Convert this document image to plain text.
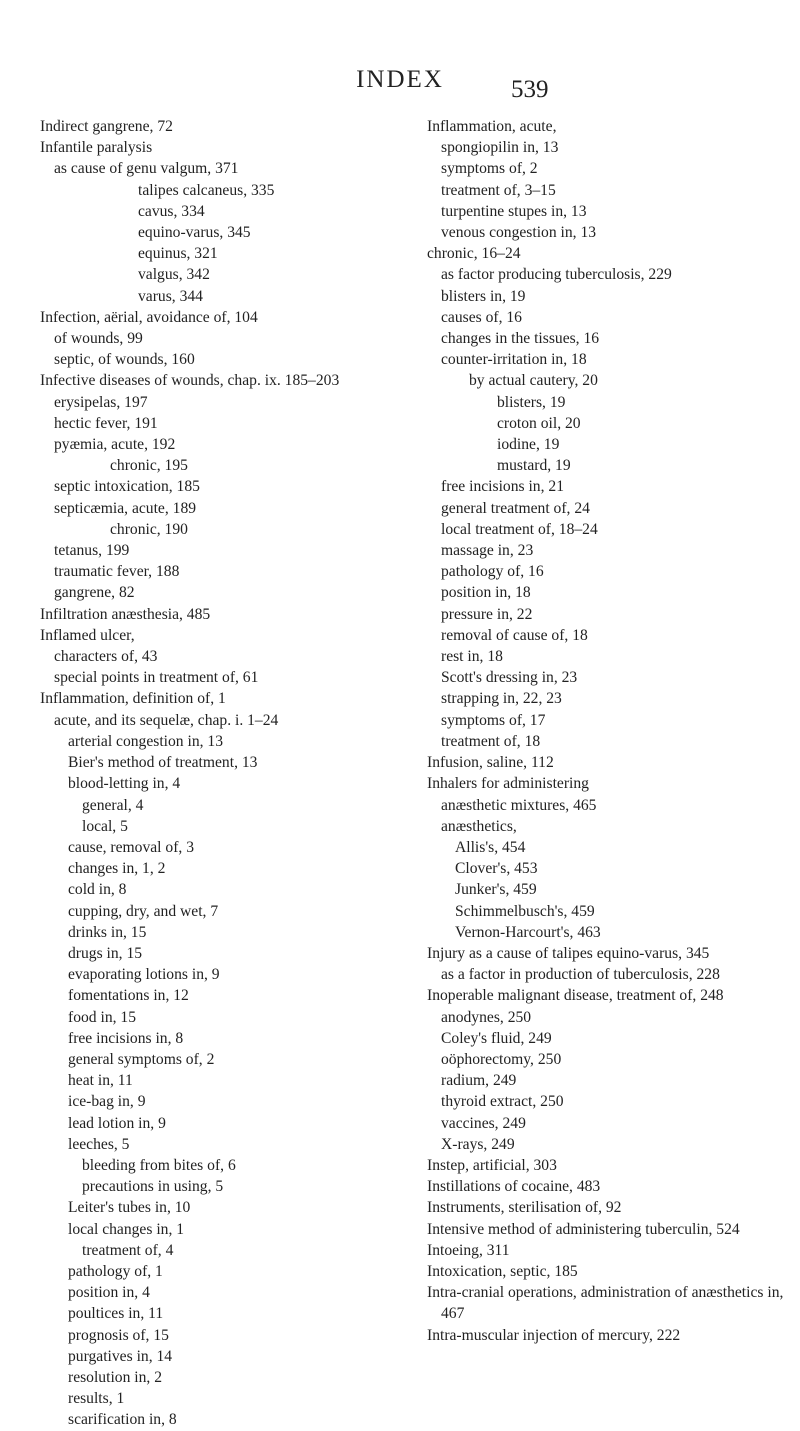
INDEX	539
Indirect gangrene, 72
Infantile paralysis
as cause of genu valgum, 371
talipes calcaneus, 335
cavus, 334
equino-varus, 345
equinus, 321
valgus, 342
varus, 344
Infection, aërial, avoidance of, 104
of wounds, 99
septic, of wounds, 160
Infective diseases of wounds, chap. ix. 185–203
erysipelas, 197
hectic fever, 191
pyæmia, acute, 192
chronic, 195
septic intoxication, 185
septicæmia, acute, 189
chronic, 190
tetanus, 199
traumatic fever, 188
gangrene, 82
Infiltration anæsthesia, 485
Inflamed ulcer,
characters of, 43
special points in treatment of, 61
Inflammation, definition of, 1
acute, and its sequelæ, chap. i. 1–24
arterial congestion in, 13
Bier's method of treatment, 13
blood-letting in, 4
general, 4
local, 5
cause, removal of, 3
changes in, 1, 2
cold in, 8
cupping, dry, and wet, 7
drinks in, 15
drugs in, 15
evaporating lotions in, 9
fomentations in, 12
food in, 15
free incisions in, 8
general symptoms of, 2
heat in, 11
ice-bag in, 9
lead lotion in, 9
leeches, 5
bleeding from bites of, 6
precautions in using, 5
Leiter's tubes in, 10
local changes in, 1
treatment of, 4
pathology of, 1
position in, 4
poultices in, 11
prognosis of, 15
purgatives in, 14
resolution in, 2
results, 1
scarification in, 8
Inflammation, acute,
spongiopilin in, 13
symptoms of, 2
treatment of, 3–15
turpentine stupes in, 13
venous congestion in, 13
chronic, 16–24
as factor producing tuberculosis, 229
blisters in, 19
causes of, 16
changes in the tissues, 16
counter-irritation in, 18
by actual cautery, 20
blisters, 19
croton oil, 20
iodine, 19
mustard, 19
free incisions in, 21
general treatment of, 24
local treatment of, 18–24
massage in, 23
pathology of, 16
position in, 18
pressure in, 22
removal of cause of, 18
rest in, 18
Scott's dressing in, 23
strapping in, 22, 23
symptoms of, 17
treatment of, 18
Infusion, saline, 112
Inhalers for administering
anæsthetic mixtures, 465
anæsthetics,
Allis's, 454
Clover's, 453
Junker's, 459
Schimmelbusch's, 459
Vernon-Harcourt's, 463
Injury as a cause of talipes equino-varus, 345
as a factor in production of tuberculosis, 228
Inoperable malignant disease, treatment of, 248
anodynes, 250
Coley's fluid, 249
oöphorectomy, 250
radium, 249
thyroid extract, 250
vaccines, 249
X-rays, 249
Instep, artificial, 303
Instillations of cocaine, 483
Instruments, sterilisation of, 92
Intensive method of administering tuberculin, 524
Intoeing, 311
Intoxication, septic, 185
Intra-cranial operations, administration of anæsthetics in, 467
Intra-muscular injection of mercury, 222
